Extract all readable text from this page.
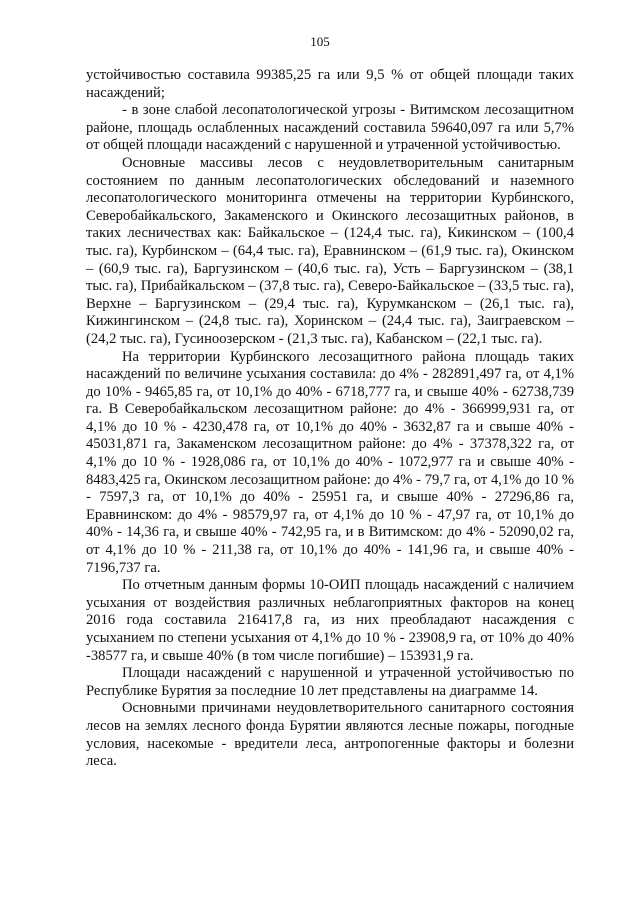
105

устойчивостью составила 99385,25 га или 9,5 % от общей площади таких насаждений;

- в зоне слабой лесопатологической угрозы - Витимском лесозащитном районе, площадь ослабленных насаждений составила 59640,097 га или 5,7% от общей площади насаждений с нарушенной и утраченной устойчивостью.

Основные массивы лесов с неудовлетворительным санитарным состоянием по данным лесопатологических обследований и наземного лесопатологического мониторинга отмечены на территории Курбинского, Северобайкальского, Закаменского и Окинского лесозащитных районов, в таких лесничествах как: Байкальское – (124,4 тыс. га), Кикинском – (100,4 тыс. га), Курбинском – (64,4 тыс. га), Еравнинском – (61,9 тыс. га), Окинском – (60,9 тыс. га), Баргузинском – (40,6 тыс. га), Усть – Баргузинском – (38,1 тыс. га), Прибайкальском – (37,8 тыс. га), Северо-Байкальское – (33,5 тыс. га), Верхне – Баргузинском – (29,4 тыс. га), Курумканском – (26,1 тыс. га), Кижингинском – (24,8 тыс. га), Хоринском – (24,4 тыс. га), Заиграевском – (24,2 тыс. га), Гусиноозерском - (21,3 тыс. га), Кабанском – (22,1 тыс. га).

На территории Курбинского лесозащитного района площадь таких насаждений по величине усыхания составила: до 4% - 282891,497 га, от 4,1% до 10% - 9465,85 га, от 10,1% до 40% - 6718,777 га, и свыше 40% - 62738,739 га. В Северобайкальском лесозащитном районе: до 4% - 366999,931 га, от 4,1% до 10 % - 4230,478 га, от 10,1% до 40% - 3632,87 га и свыше 40% - 45031,871 га, Закаменском лесозащитном районе: до 4% - 37378,322 га, от 4,1% до 10 % - 1928,086 га, от 10,1% до 40% - 1072,977 га и свыше 40% - 8483,425 га, Окинском лесозащитном районе: до 4% - 79,7 га, от 4,1% до 10 % - 7597,3 га, от 10,1% до 40% - 25951 га, и свыше 40% - 27296,86 га, Еравнинском: до 4% - 98579,97 га, от 4,1% до 10 % - 47,97 га, от 10,1% до 40% - 14,36 га, и свыше 40% - 742,95 га, и в Витимском: до 4% - 52090,02 га, от 4,1% до 10 % - 211,38 га, от 10,1% до 40% - 141,96 га, и свыше 40% - 7196,737 га.

По отчетным данным формы 10-ОИП площадь насаждений с наличием усыхания от воздействия различных неблагоприятных факторов на конец 2016 года составила 216417,8 га, из них преобладают насаждения с усыханием по степени усыхания от 4,1% до 10 % - 23908,9 га, от 10% до 40% -38577 га, и свыше 40% (в том числе погибшие) – 153931,9 га.

Площади насаждений с нарушенной и утраченной устойчивостью по Республике Бурятия за последние 10 лет представлены на диаграмме 14.

Основными причинами неудовлетворительного санитарного состояния лесов на землях лесного фонда Бурятии являются лесные пожары, погодные условия, насекомые - вредители леса, антропогенные факторы и болезни леса.
